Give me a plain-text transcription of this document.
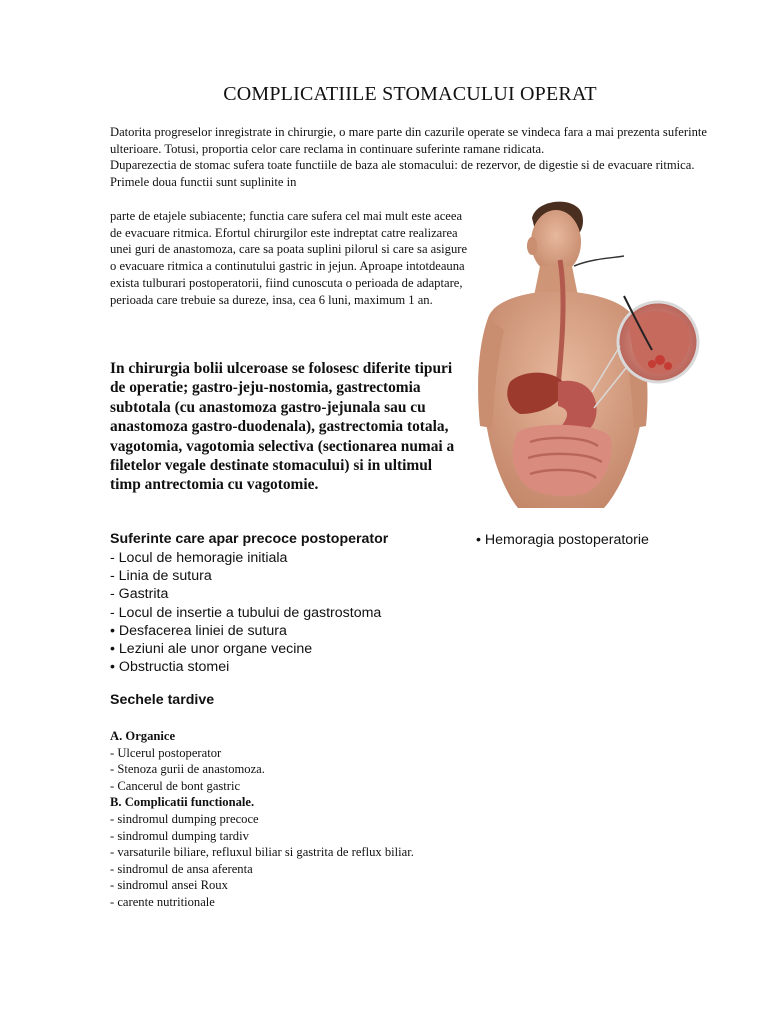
COMPLICATIILE STOMACULUI OPERAT

Datorita progreselor inregistrate in chirurgie, o mare parte din cazurile operate se vindeca fara a mai prezenta suferinte ulterioare. Totusi, proportia celor care reclama in continuare suferinte ramane ridicata.

Duparezectia de stomac sufera toate functiile de baza ale stomacului: de rezervor, de digestie si de evacuare ritmica. Primele doua functii sunt suplinite in

parte de etajele subiacente; functia care sufera cel mai mult este aceea de evacuare ritmica. Efortul chirurgilor este indreptat catre realizarea unei guri de anastomoza, care sa poata suplini pilorul si care sa asigure o evacuare ritmica a continutului gastric in jejun. Aproape intotdeauna exista tulburari postoperatorii, fiind cunoscuta o perioada de adaptare, perioada care trebuie sa dureze, insa, cea 6 luni, maximum 1 an.

In chirurgia bolii ulceroase se folosesc diferite tipuri de operatie; gastro-jeju-nostomia, gastrectomia subtotala (cu anastomoza gastro-jejunala sau cu anastomoza gastro-duodenala), gastrectomia totala, vagotomia, vagotomia selectiva (sectionarea numai a filetelor vegale destinate stomacului) si in ultimul timp antrectomia cu vagotomie.
Suferinte care apar precoce postoperator	• Hemoragia postoperatorie
- Locul de hemoragie initiala
- Linia de sutura
- Gastrita
- Locul de insertie a tubului de gastrostoma
• Desfacerea liniei de sutura
• Leziuni ale unor organe vecine
• Obstructia stomei
Sechele tardive
A. Organice
- Ulcerul postoperator
- Stenoza gurii de anastomoza.
- Cancerul de bont gastric
B. Complicatii functionale.
- sindromul dumping precoce
- sindromul dumping tardiv
- varsaturile biliare, refluxul biliar si gastrita de reflux biliar.
- sindromul de ansa aferenta
- sindromul ansei Roux
- carente nutritionale
